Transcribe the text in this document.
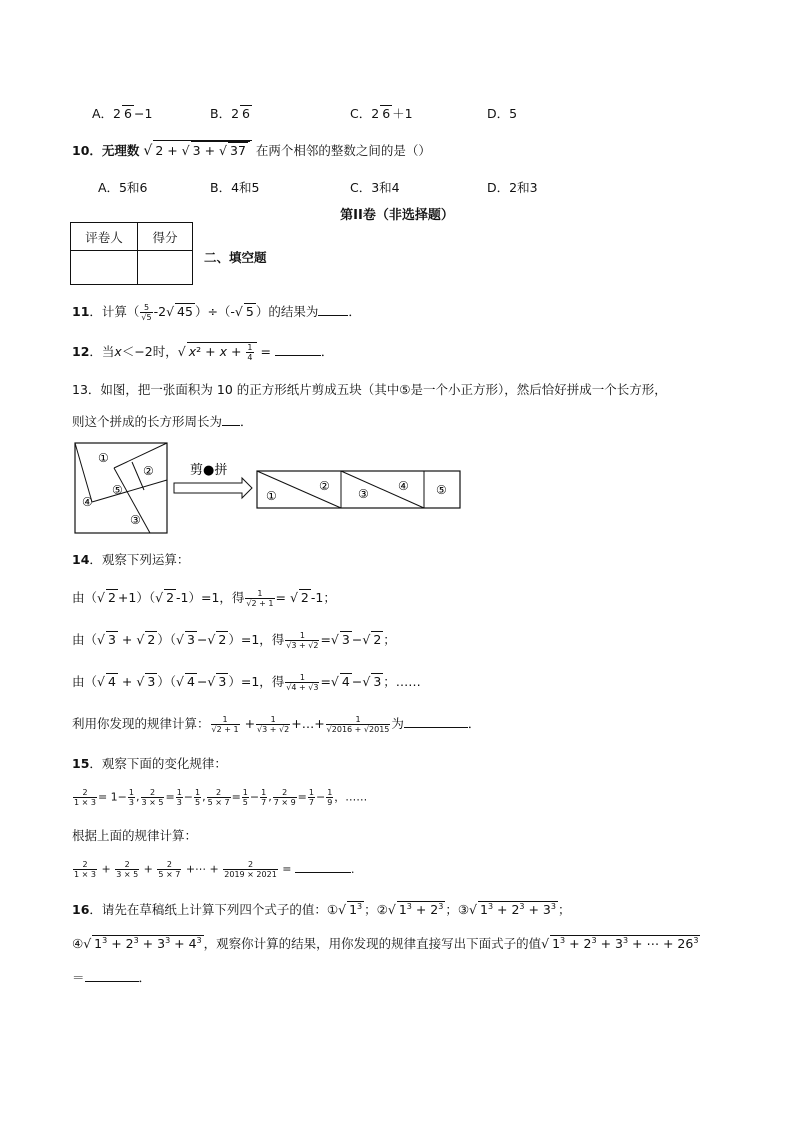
A．2 6 −1	B．2 6	C．2 6 ＋1	D．5
10．无理数 √ 2 + √ 3 + √ 37 在两个相邻的整数之间的是（）
A．5和6	B．4和5	C．3和4	D．2和3
第II卷（非选择题）
评卷人	得分

二、填空题
11．计算（ $\frac{5}{√5} -2√$ 45 ）÷（-√ 5 ）的结果为 ．
12．当x＜−2时，√ $x^2 + x + \frac{1}{4}$ =	．
13．如图，把一张面积为 10 的正方形纸片剪成五块（其中⑤是一个小正方形），然后恰好拼成一个长方形，
则这个拼成的长方形周长为 ．
①
②
⑤
④
③
剪●拼
①
②
③
④ ⑤
14．观察下列运算：
由（√ 2 +1）（√ 2 -1）=1，得 $\frac{1}{√2 + 1}$ = √ 2 -1；
由（√ 3 + √ 2 ）（√ 3 −√ 2 ）=1，得 $\frac{1}{√3 + √2}$ =√ 3 −√ 2 ；
由（√ 4 + √ 3 ）（√ 4 −√ 3 ）=1，得 $\frac{1}{√4 + √3}$ =√ 4 −√ 3 ；……
利用你发现的规律计算： $\frac{1}{√2 + 1} + \frac{1}{√3 + √2}$ +…+ $\frac{1}{√2016 + √2015}$ 为	．
15．观察下面的变化规律：
$\frac{2}{1 \times 3} = 1- \frac{1}{3}$ , $\frac{2}{3 \times 5} = \frac{1}{3} - \frac{1}{5}$ , $\frac{2}{5 \times 7} = \frac{1}{5} - \frac{1}{7}$ , $\frac{2}{7 \times 9} = \frac{1}{7} - \frac{1}{9}$ ，……
根据上面的规律计算：
$\frac{2}{1 \times 3} + \frac{2}{3 \times 5} + \frac{2}{5 \times 7}$ +⋯ + $\frac{2}{2019 \times 2021}$ =	．
16．请先在草稿纸上计算下列四个式子的值：①√ $1^3$ ；②√ $1^3 + 2^3$ ；③√ $1^3 + 2^3 + 3^3$ ；
④√ $1^3 + 2^3 + 3^3 + 4^3$ ，观察你计算的结果，用你发现的规律直接写出下面式子的值√ $1^3 + 2^3 + 3^3$ + ⋯ + $26^3$
＝	．
